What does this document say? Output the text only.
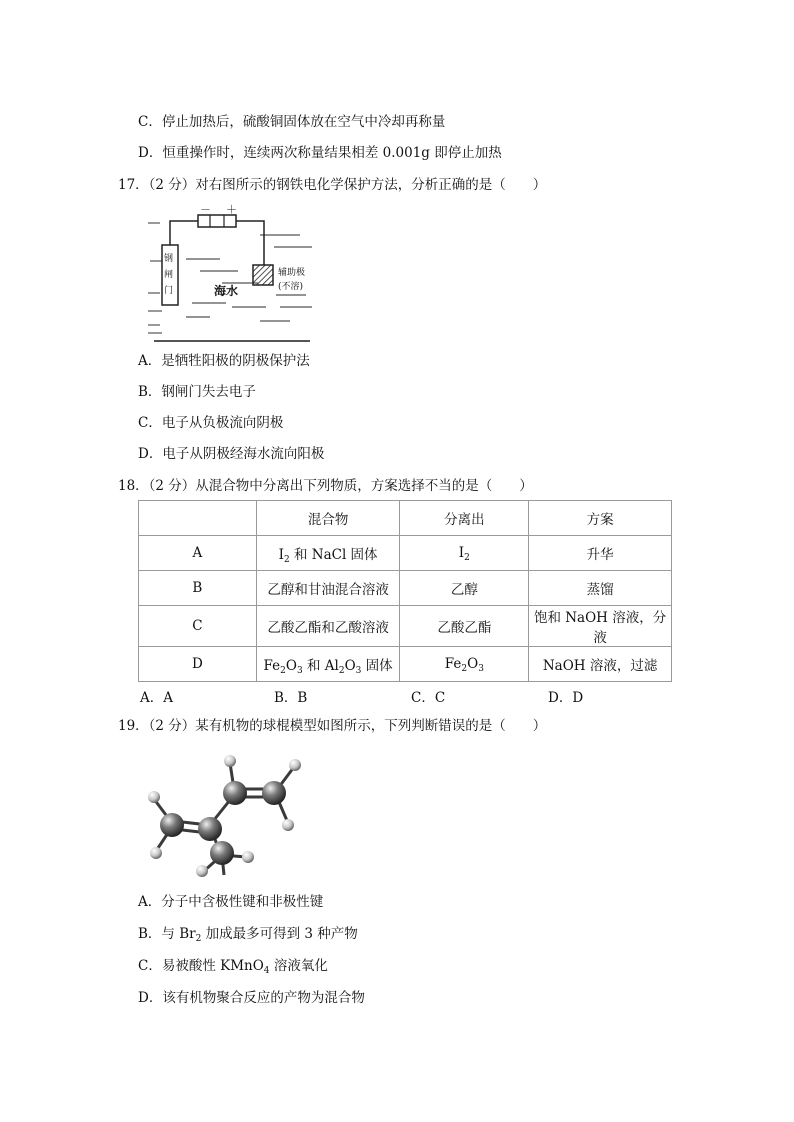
C．停止加热后，硫酸铜固体放在空气中冷却再称量
D．恒重操作时，连续两次称量结果相差 0.001g 即停止加热
17．（2 分）对右图所示的钢铁电化学保护方法，分析正确的是（　　）
－ ＋
钢
闸
门
辅助极
(不溶)
海水
A．是牺牲阳极的阴极保护法
B．钢闸门失去电子
C．电子从负极流向阴极
D．电子从阴极经海水流向阳极
18．（2 分）从混合物中分离出下列物质，方案选择不当的是（　　）
	混合物	分离出	方案
A	$I_2$ 和 NaCl 固体	$I_2$	升华
B	乙醇和甘油混合溶液	乙醇	蒸馏
C	乙酸乙酯和乙酸溶液	乙酸乙酯	饱和 NaOH 溶液，分液
D	$Fe_2O_3$ 和 $Al_2O_3$ 固体	$Fe_2O_3$	NaOH 溶液，过滤
A．A	B．B	C．C	D．D
19．（2 分）某有机物的球棍模型如图所示，下列判断错误的是（　　）
A．分子中含极性键和非极性键
B．与 $Br_2$ 加成最多可得到 3 种产物
C．易被酸性 KMnO$_4$ 溶液氧化
D．该有机物聚合反应的产物为混合物
